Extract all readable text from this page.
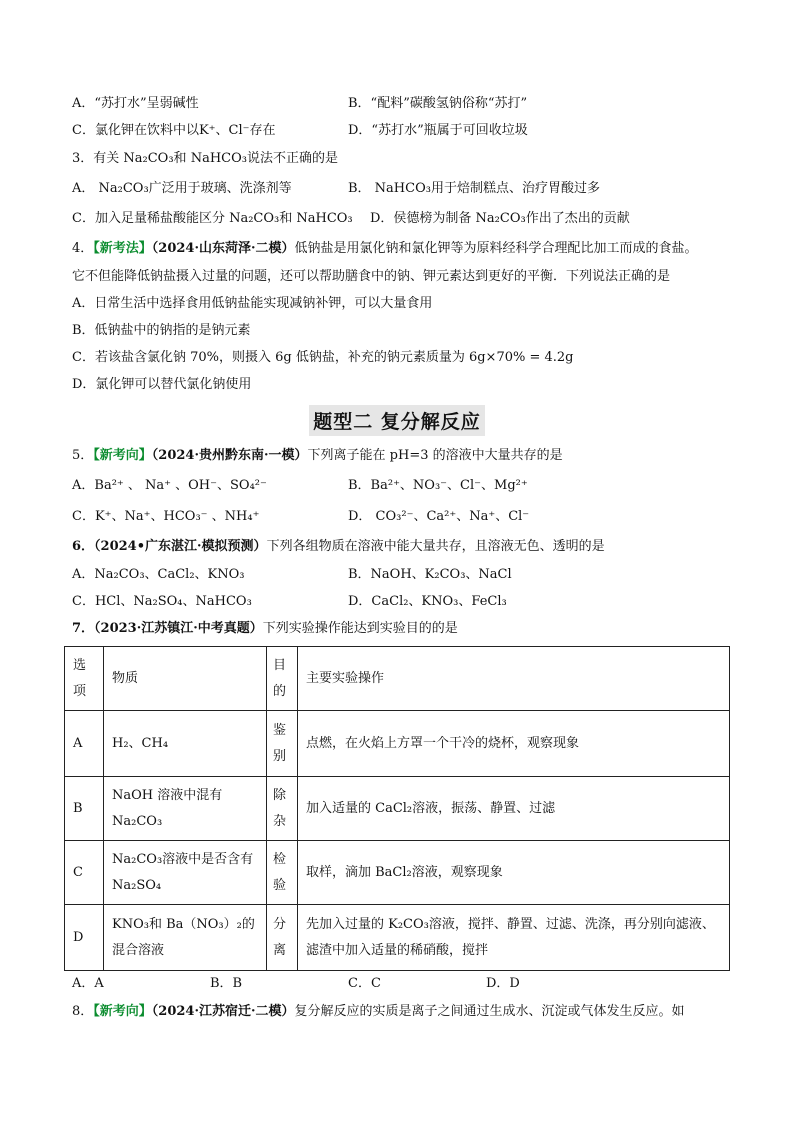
A．“苏打水”呈弱碱性	B．“配料”碳酸氢钠俗称“苏打”
C．氯化钾在饮料中以K⁺、Cl⁻存在	D．“苏打水”瓶属于可回收垃圾
3．有关 Na₂CO₃和 NaHCO₃说法不正确的是
A． Na₂CO₃广泛用于玻璃、洗涤剂等	B． NaHCO₃用于焙制糕点、治疗胃酸过多
C．加入足量稀盐酸能区分 Na₂CO₃和 NaHCO₃ D．侯德榜为制备 Na₂CO₃作出了杰出的贡献
4．【新考法】（2024·山东菏泽·二模）低钠盐是用氯化钠和氯化钾等为原料经科学合理配比加工而成的食盐。
它不但能降低钠盐摄入过量的问题，还可以帮助膳食中的钠、钾元素达到更好的平衡．下列说法正确的是
A．日常生活中选择食用低钠盐能实现减钠补钾，可以大量食用
B．低钠盐中的钠指的是钠元素
C．若该盐含氯化钠 70%，则摄入 6g 低钠盐，补充的钠元素质量为 6g×70% = 4.2g
D．氯化钾可以替代氯化钠使用
题型二 复分解反应
5．【新考向】（2024·贵州黔东南·一模）下列离子能在 pH=3 的溶液中大量共存的是
A．Ba²⁺ 、 Na⁺ 、OH⁻、SO₄²⁻	B．Ba²⁺、NO₃⁻、Cl⁻、Mg²⁺
C．K⁺、Na⁺、HCO₃⁻ 、NH₄⁺	D． CO₃²⁻、Ca²⁺、Na⁺、Cl⁻
6．（2024•广东湛江·模拟预测）下列各组物质在溶液中能大量共存，且溶液无色、透明的是
A．Na₂CO₃、CaCl₂、KNO₃	B．NaOH、K₂CO₃、NaCl
C．HCl、Na₂SO₄、NaHCO₃	D．CaCl₂、KNO₃、FeCl₃
7．（2023·江苏镇江·中考真题）下列实验操作能达到实验目的的是
选项	物质	目的	主要实验操作
A	H₂、CH₄	鉴别	点燃，在火焰上方罩一个干冷的烧杯，观察现象
B	NaOH 溶液中混有 Na₂CO₃	除杂	加入适量的 CaCl₂溶液，振荡、静置、过滤
C	Na₂CO₃溶液中是否含有 Na₂SO₄	检验	取样，滴加 BaCl₂溶液，观察现象
D	KNO₃和 Ba（NO₃）₂的混合溶液	分离	先加入过量的 K₂CO₃溶液，搅拌、静置、过滤、洗涤，再分别向滤液、滤渣中加入适量的稀硝酸，搅拌
A．A	B．B	C．C	D．D
8．【新考向】（2024·江苏宿迁·二模）复分解反应的实质是离子之间通过生成水、沉淀或气体发生反应。如
